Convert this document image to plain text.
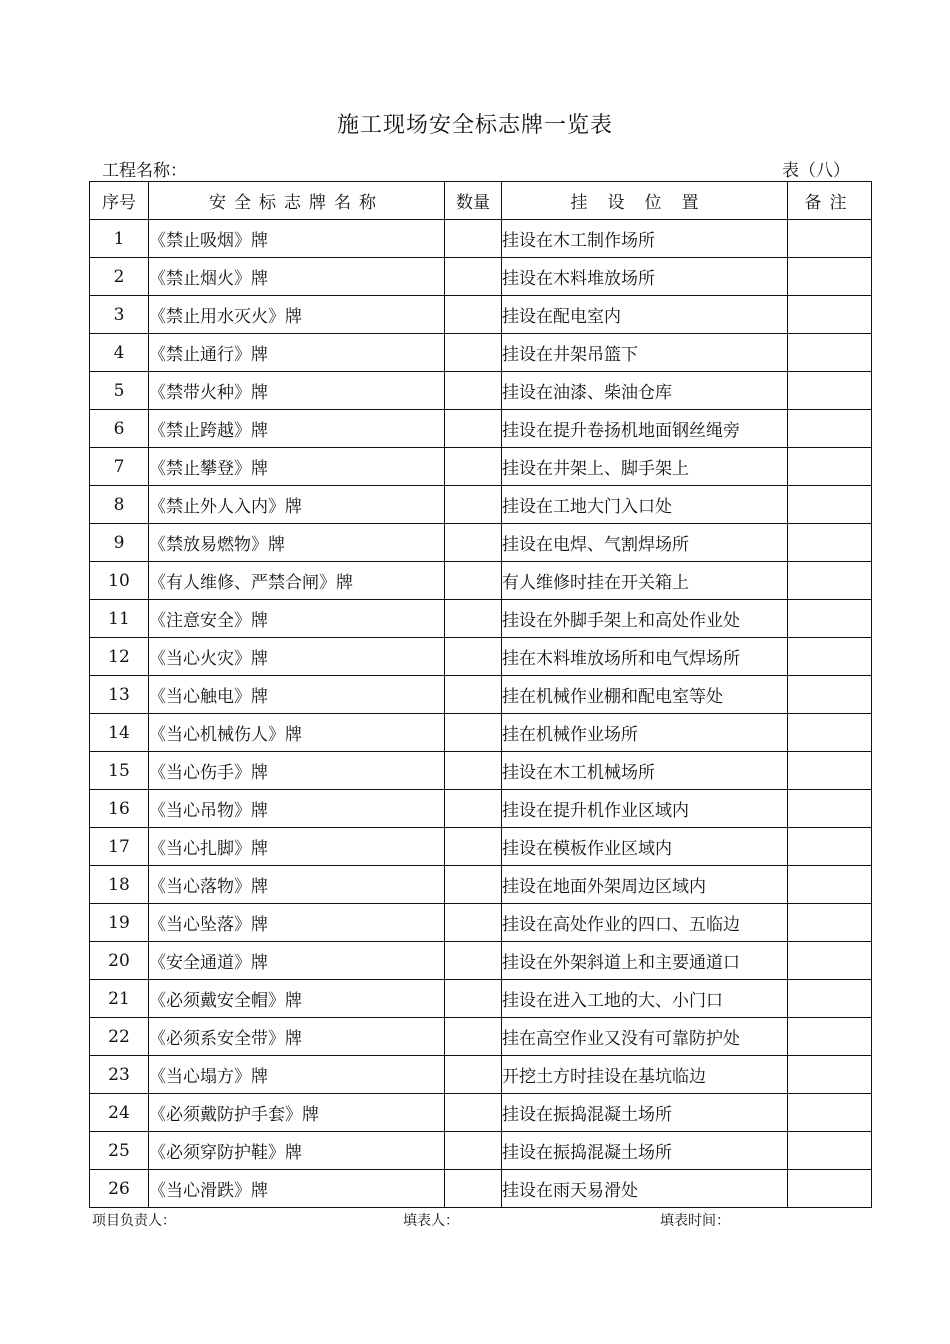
施工现场安全标志牌一览表
工程名称：	表（八）
序号	安全标志牌名称	数量	挂设位置	备注
1	《禁止吸烟》牌		挂设在木工制作场所	
2	《禁止烟火》牌		挂设在木料堆放场所	
3	《禁止用水灭火》牌		挂设在配电室内	
4	《禁止通行》牌		挂设在井架吊篮下	
5	《禁带火种》牌		挂设在油漆、柴油仓库	
6	《禁止跨越》牌		挂设在提升卷扬机地面钢丝绳旁	
7	《禁止攀登》牌		挂设在井架上、脚手架上	
8	《禁止外人入内》牌		挂设在工地大门入口处	
9	《禁放易燃物》牌		挂设在电焊、气割焊场所	
10	《有人维修、严禁合闸》牌		有人维修时挂在开关箱上	
11	《注意安全》牌		挂设在外脚手架上和高处作业处	
12	《当心火灾》牌		挂在木料堆放场所和电气焊场所	
13	《当心触电》牌		挂在机械作业棚和配电室等处	
14	《当心机械伤人》牌		挂在机械作业场所	
15	《当心伤手》牌		挂设在木工机械场所	
16	《当心吊物》牌		挂设在提升机作业区域内	
17	《当心扎脚》牌		挂设在模板作业区域内	
18	《当心落物》牌		挂设在地面外架周边区域内	
19	《当心坠落》牌		挂设在高处作业的四口、五临边	
20	《安全通道》牌		挂设在外架斜道上和主要通道口	
21	《必须戴安全帽》牌		挂设在进入工地的大、小门口	
22	《必须系安全带》牌		挂在高空作业又没有可靠防护处	
23	《当心塌方》牌		开挖土方时挂设在基坑临边	
24	《必须戴防护手套》牌		挂设在振捣混凝土场所	
25	《必须穿防护鞋》牌		挂设在振捣混凝土场所	
26	《当心滑跌》牌		挂设在雨天易滑处	
项目负责人：	填表人：	填表时间：
